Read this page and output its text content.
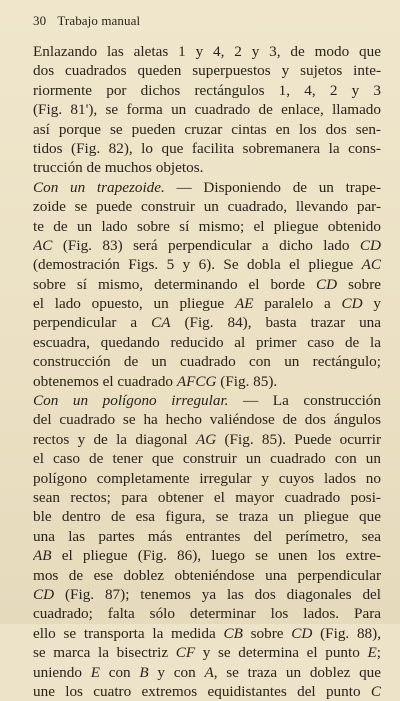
30 Trabajo manual
Enlazando las aletas 1 y 4, 2 y 3, de modo que
dos cuadrados queden superpuestos y sujetos inte-
riormente por dichos rectángulos 1, 4, 2 y 3
(Fig. 81'), se forma un cuadrado de enlace, llamado
así porque se pueden cruzar cintas en los dos sen-
tidos (Fig. 82), lo que facilita sobremanera la cons-
trucción de muchos objetos.
Con un trapezoide. — Disponiendo de un trape-
zoide se puede construir un cuadrado, llevando par-
te de un lado sobre sí mismo; el pliegue obtenido
AC (Fig. 83) será perpendicular a dicho lado CD
(demostración Figs. 5 y 6). Se dobla el pliegue AC
sobre sí mismo, determinando el borde CD sobre
el lado opuesto, un pliegue AE paralelo a CD y
perpendicular a CA (Fig. 84), basta trazar una
escuadra, quedando reducido al primer caso de la
construcción de un cuadrado con un rectángulo;
obtenemos el cuadrado AFCG (Fig. 85).
Con un polígono irregular. — La construcción
del cuadrado se ha hecho valiéndose de dos ángulos
rectos y de la diagonal AG (Fig. 85). Puede ocurrir
el caso de tener que construir un cuadrado con un
polígono completamente irregular y cuyos lados no
sean rectos; para obtener el mayor cuadrado posi-
ble dentro de esa figura, se traza un pliegue que
una las partes más entrantes del perímetro, sea
AB el pliegue (Fig. 86), luego se unen los extre-
mos de ese doblez obteniéndose una perpendicular
CD (Fig. 87); tenemos ya las dos diagonales del
cuadrado; falta sólo determinar los lados. Para
ello se transporta la medida CB sobre CD (Fig. 88),
se marca la bisectriz CF y se determina el punto E;
uniendo E con B y con A, se traza un doblez que
une los cuatro extremos equidistantes del punto C
